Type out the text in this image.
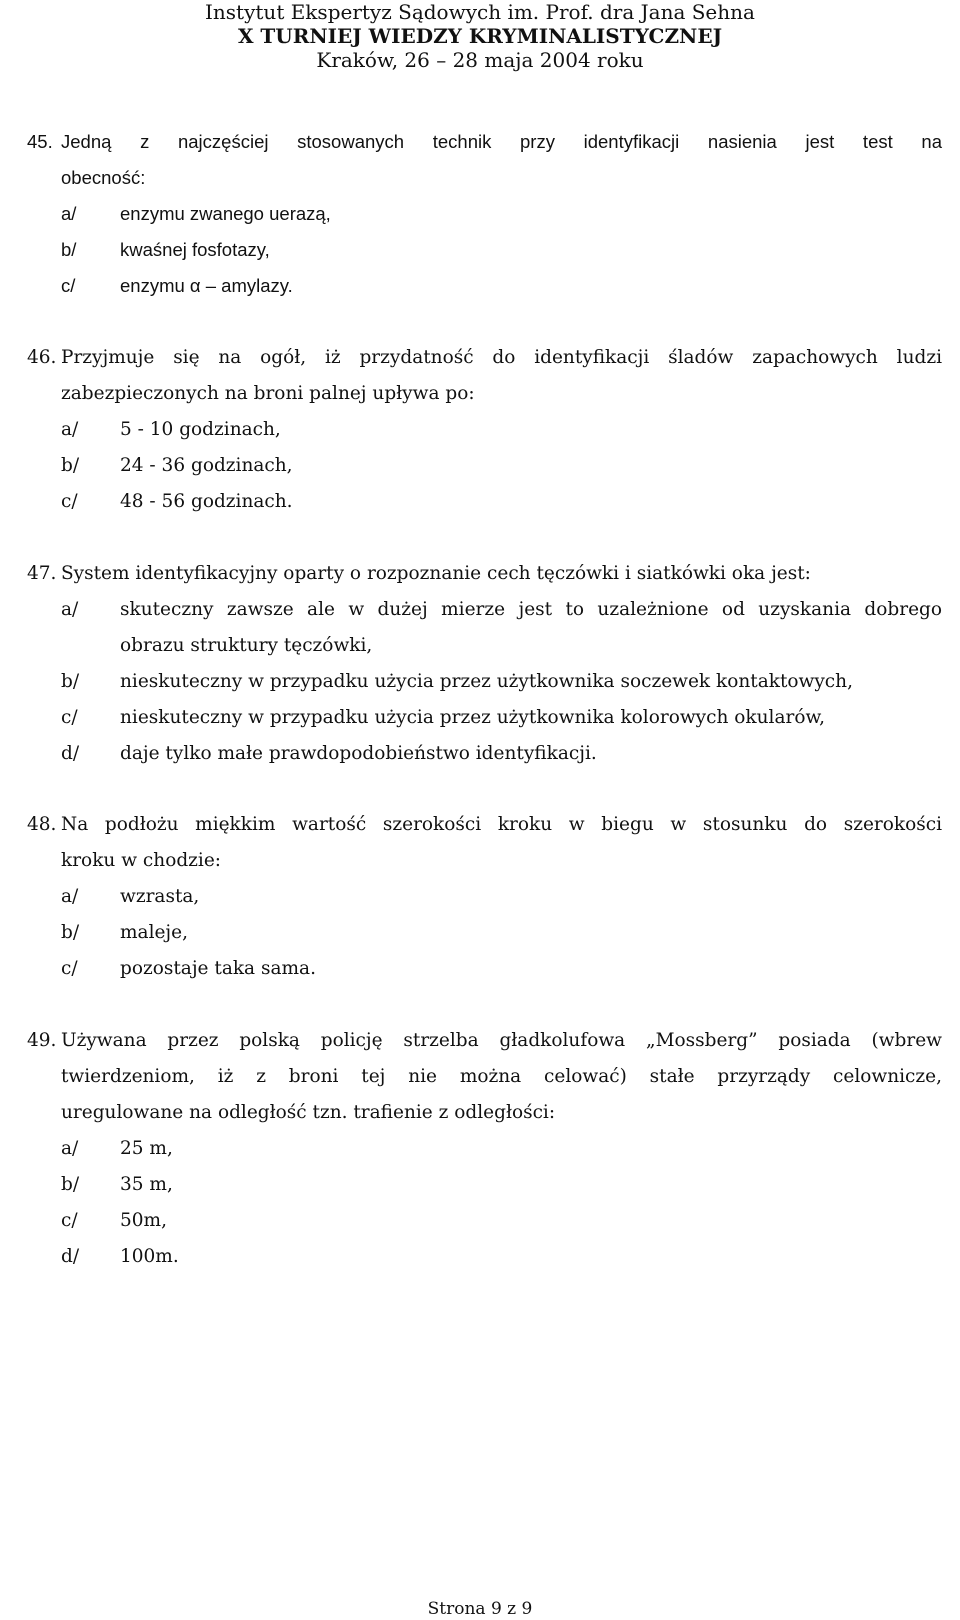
Instytut Ekspertyz Sądowych im. Prof. dra Jana Sehna
X TURNIEJ WIEDZY KRYMINALISTYCZNEJ
Kraków, 26 – 28 maja 2004 roku
45. Jedną z najczęściej stosowanych technik przy identyfikacji nasienia jest test na
obecność:
a/ enzymu zwanego uerazą,
b/ kwaśnej fosfotazy,
c/ enzymu α – amylazy.
46. Przyjmuje się na ogół, iż przydatność do identyfikacji śladów zapachowych ludzi
zabezpieczonych na broni palnej upływa po:
a/ 5 - 10 godzinach,
b/ 24 - 36 godzinach,
c/ 48 - 56 godzinach.
47. System identyfikacyjny oparty o rozpoznanie cech tęczówki i siatkówki oka jest:
a/ skuteczny zawsze ale w dużej mierze jest to uzależnione od uzyskania dobrego
obrazu struktury tęczówki,
b/ nieskuteczny w przypadku użycia przez użytkownika soczewek kontaktowych,
c/ nieskuteczny w przypadku użycia przez użytkownika kolorowych okularów,
d/ daje tylko małe prawdopodobieństwo identyfikacji.
48. Na podłożu miękkim wartość szerokości kroku w biegu w stosunku do szerokości
kroku w chodzie:
a/ wzrasta,
b/ maleje,
c/ pozostaje taka sama.
49. Używana przez polską policję strzelba gładkolufowa „Mossberg” posiada (wbrew
twierdzeniom, iż z broni tej nie można celować) stałe przyrządy celownicze,
uregulowane na odległość tzn. trafienie z odległości:
a/ 25 m,
b/ 35 m,
c/ 50m,
d/ 100m.
Strona 9 z 9
